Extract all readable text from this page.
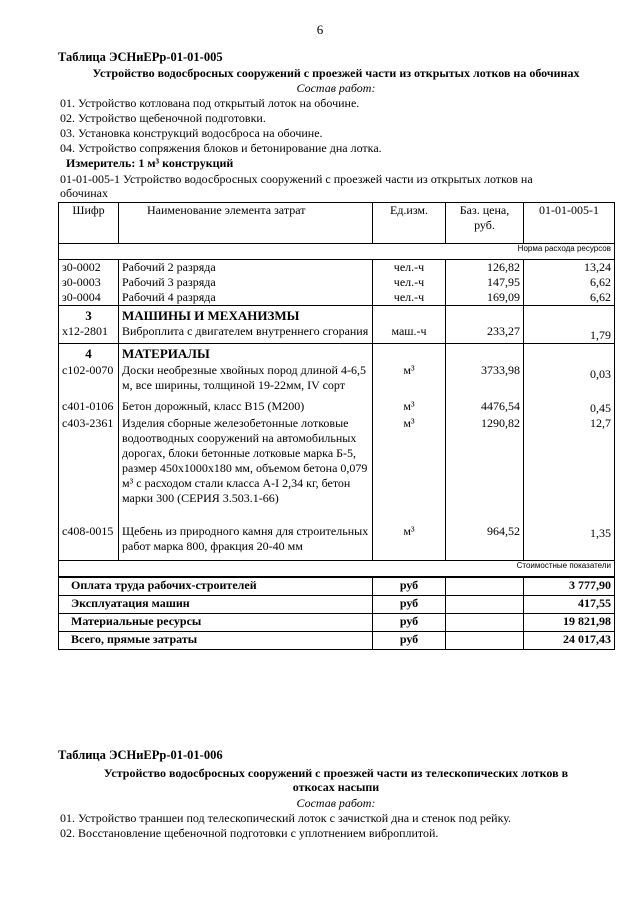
6
Таблица ЭСНиЕРр-01-01-005
Устройство водосбросных сооружений с проезжей части из открытых лотков на обочинах
Состав работ:
01. Устройство котлована под открытый лоток на обочине.
02. Устройство щебеночной подготовки.
03. Установка конструкций водосброса на обочине.
04. Устройство сопряжения блоков и бетонирование дна лотка.
Измеритель: 1 м³ конструкций
01-01-005-1 Устройство водосбросных сооружений с проезжей части из открытых лотков на
обочинах
Шифр	Наименование элемента затрат	Ед.изм.	Баз. цена,
руб.	01-01-005-1
Норма расхода ресурсов				
з0-0002	Рабочий 2 разряда	чел.-ч	126,82	13,24
з0-0003	Рабочий 3 разряда	чел.-ч	147,95	6,62
з0-0004	Рабочий 4 разряда	чел.-ч	169,09	6,62
3	МАШИНЫ И МЕХАНИЗМЫ			
х12-2801	Виброплита с двигателем внутреннего сгорания	маш.-ч	233,27	1,79
4	МАТЕРИАЛЫ			
с102-0070	Доски необрезные хвойных пород длиной 4-6,5 м, все ширины, толщиной 19-22мм, IV сорт	м³	3733,98	0,03
с401-0106	Бетон дорожный, класс В15 (М200)	м³	4476,54	0,45
с403-2361	Изделия сборные железобетонные лотковые водоотводных сооружений на автомобильных дорогах, блоки бетонные лотковые марка Б-5, размер 450x1000x180 мм, объемом бетона 0,079 м³ с расходом стали класса А-I 2,34 кг, бетон марки 300 (СЕРИЯ 3.503.1-66)	м³	1290,82	12,7
с408-0015	Щебень из природного камня для строительных работ марка 800, фракция 20-40 мм	м³	964,52	1,35
Стоимостные показатели				
Оплата труда рабочих-строителей		руб		3 777,90
Эксплуатация машин		руб		417,55
Материальные ресурсы		руб		19 821,98
Всего, прямые затраты		руб		24 017,43
Таблица ЭСНиЕРр-01-01-006
Устройство водосбросных сооружений с проезжей части из телескопических лотков в
откосах насыпи
Состав работ:
01. Устройство траншеи под телескопический лоток с зачисткой дна и стенок под рейку.
02. Восстановление щебеночной подготовки с уплотнением виброплитой.
